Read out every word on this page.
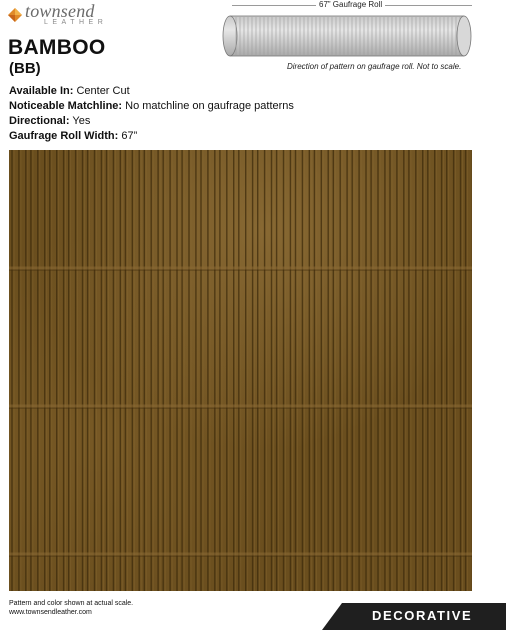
townsend
LEATHER
BAMBOO
(BB)
Available In: Center Cut
Noticeable Matchline: No matchline on gaufrage patterns
Directional: Yes
Gaufrage Roll Width: 67”
67” Gaufrage Roll
Direction of pattern on gaufrage roll. Not to scale.
Pattern and color shown at actual scale.
www.townsendleather.com	DECORATIVE
